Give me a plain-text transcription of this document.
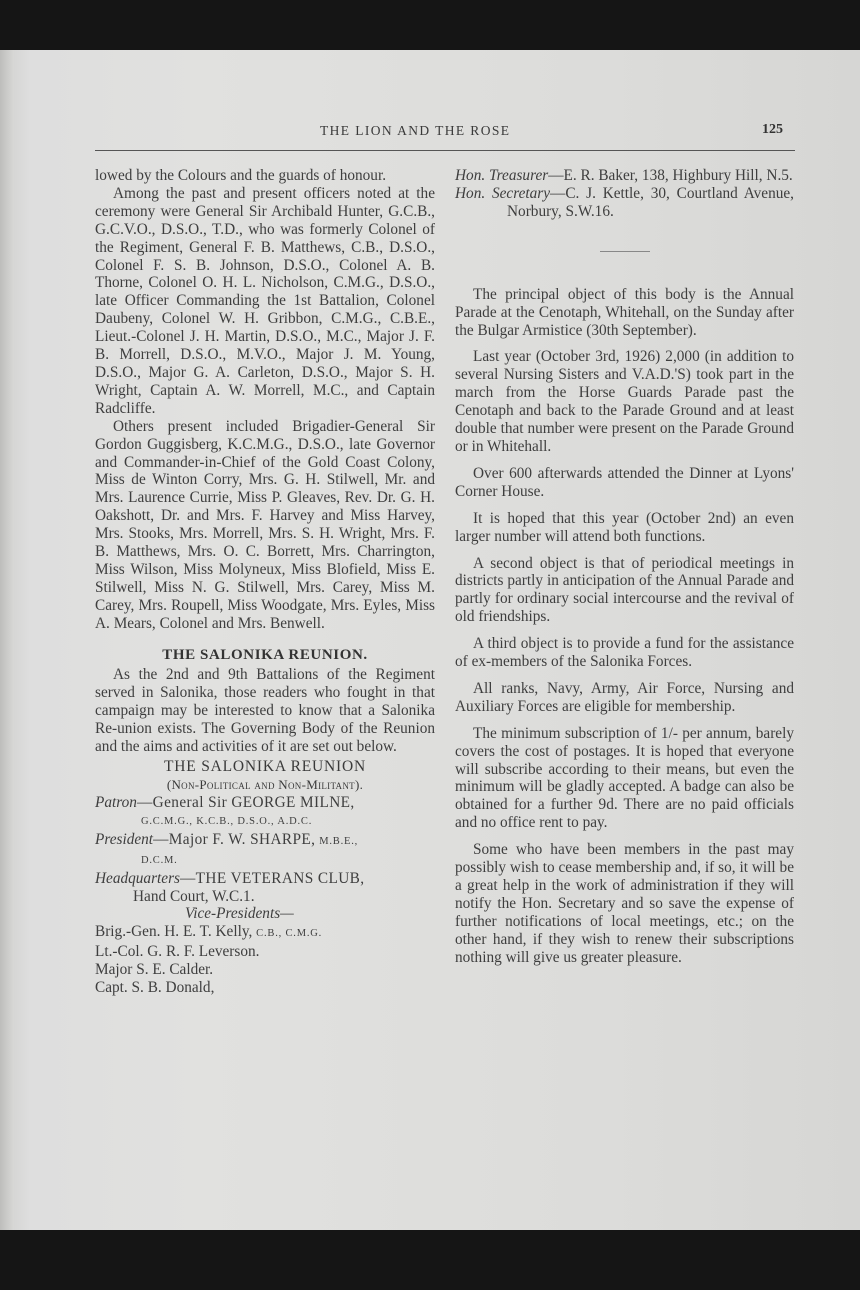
THE LION AND THE ROSE	125

lowed by the Colours and the guards of honour.

Among the past and present officers noted at the ceremony were General Sir Archibald Hunter, G.C.B., G.C.V.O., D.S.O., T.D., who was formerly Colonel of the Regiment, General F. B. Matthews, C.B., D.S.O., Colonel F. S. B. Johnson, D.S.O., Colonel A. B. Thorne, Colonel O. H. L. Nicholson, C.M.G., D.S.O., late Officer Commanding the 1st Battalion, Colonel Daubeny, Colonel W. H. Gribbon, C.M.G., C.B.E., Lieut.-Colonel J. H. Martin, D.S.O., M.C., Major J. F. B. Morrell, D.S.O., M.V.O., Major J. M. Young, D.S.O., Major G. A. Carleton, D.S.O., Major S. H. Wright, Captain A. W. Morrell, M.C., and Captain Radcliffe.

Others present included Brigadier-General Sir Gordon Guggisberg, K.C.M.G., D.S.O., late Governor and Commander-in-Chief of the Gold Coast Colony, Miss de Winton Corry, Mrs. G. H. Stilwell, Mr. and Mrs. Laurence Currie, Miss P. Gleaves, Rev. Dr. G. H. Oakshott, Dr. and Mrs. F. Harvey and Miss Harvey, Mrs. Stooks, Mrs. Morrell, Mrs. S. H. Wright, Mrs. F. B. Matthews, Mrs. O. C. Borrett, Mrs. Charrington, Miss Wilson, Miss Molyneux, Miss Blofield, Miss E. Stilwell, Miss N. G. Stilwell, Mrs. Carey, Miss M. Carey, Mrs. Roupell, Miss Woodgate, Mrs. Eyles, Miss A. Mears, Colonel and Mrs. Benwell.

THE SALONIKA REUNION.

As the 2nd and 9th Battalions of the Regiment served in Salonika, those readers who fought in that campaign may be interested to know that a Salonika Re-union exists. The Governing Body of the Reunion and the aims and activities of it are set out below.

THE SALONIKA REUNION
(Non-Political and Non-Militant).
Patron—General Sir GEORGE MILNE,
G.C.M.G., K.C.B., D.S.O., A.D.C.
President—Major F. W. SHARPE, M.B.E.,
D.C.M.
Headquarters—THE VETERANS CLUB,
Hand Court, W.C.1.
Vice-Presidents—
Brig.-Gen. H. E. T. Kelly, C.B., C.M.G.
Lt.-Col. G. R. F. Leverson.
Major S. E. Calder.
Capt. S. B. Donald,

Hon. Treasurer—E. R. Baker, 138, Highbury Hill, N.5.

Hon. Secretary—C. J. Kettle, 30, Courtland Avenue, Norbury, S.W.16.

The principal object of this body is the Annual Parade at the Cenotaph, Whitehall, on the Sunday after the Bulgar Armistice (30th September).

Last year (October 3rd, 1926) 2,000 (in addition to several Nursing Sisters and V.A.D.'S) took part in the march from the Horse Guards Parade past the Cenotaph and back to the Parade Ground and at least double that number were present on the Parade Ground or in Whitehall.

Over 600 afterwards attended the Dinner at Lyons' Corner House.

It is hoped that this year (October 2nd) an even larger number will attend both functions.

A second object is that of periodical meetings in districts partly in anticipation of the Annual Parade and partly for ordinary social intercourse and the revival of old friendships.

A third object is to provide a fund for the assistance of ex-members of the Salonika Forces.

All ranks, Navy, Army, Air Force, Nursing and Auxiliary Forces are eligible for membership.

The minimum subscription of 1/- per annum, barely covers the cost of postages. It is hoped that everyone will subscribe according to their means, but even the minimum will be gladly accepted. A badge can also be obtained for a further 9d. There are no paid officials and no office rent to pay.

Some who have been members in the past may possibly wish to cease membership and, if so, it will be a great help in the work of administration if they will notify the Hon. Secretary and so save the expense of further notifications of local meetings, etc.; on the other hand, if they wish to renew their subscriptions nothing will give us greater pleasure.
